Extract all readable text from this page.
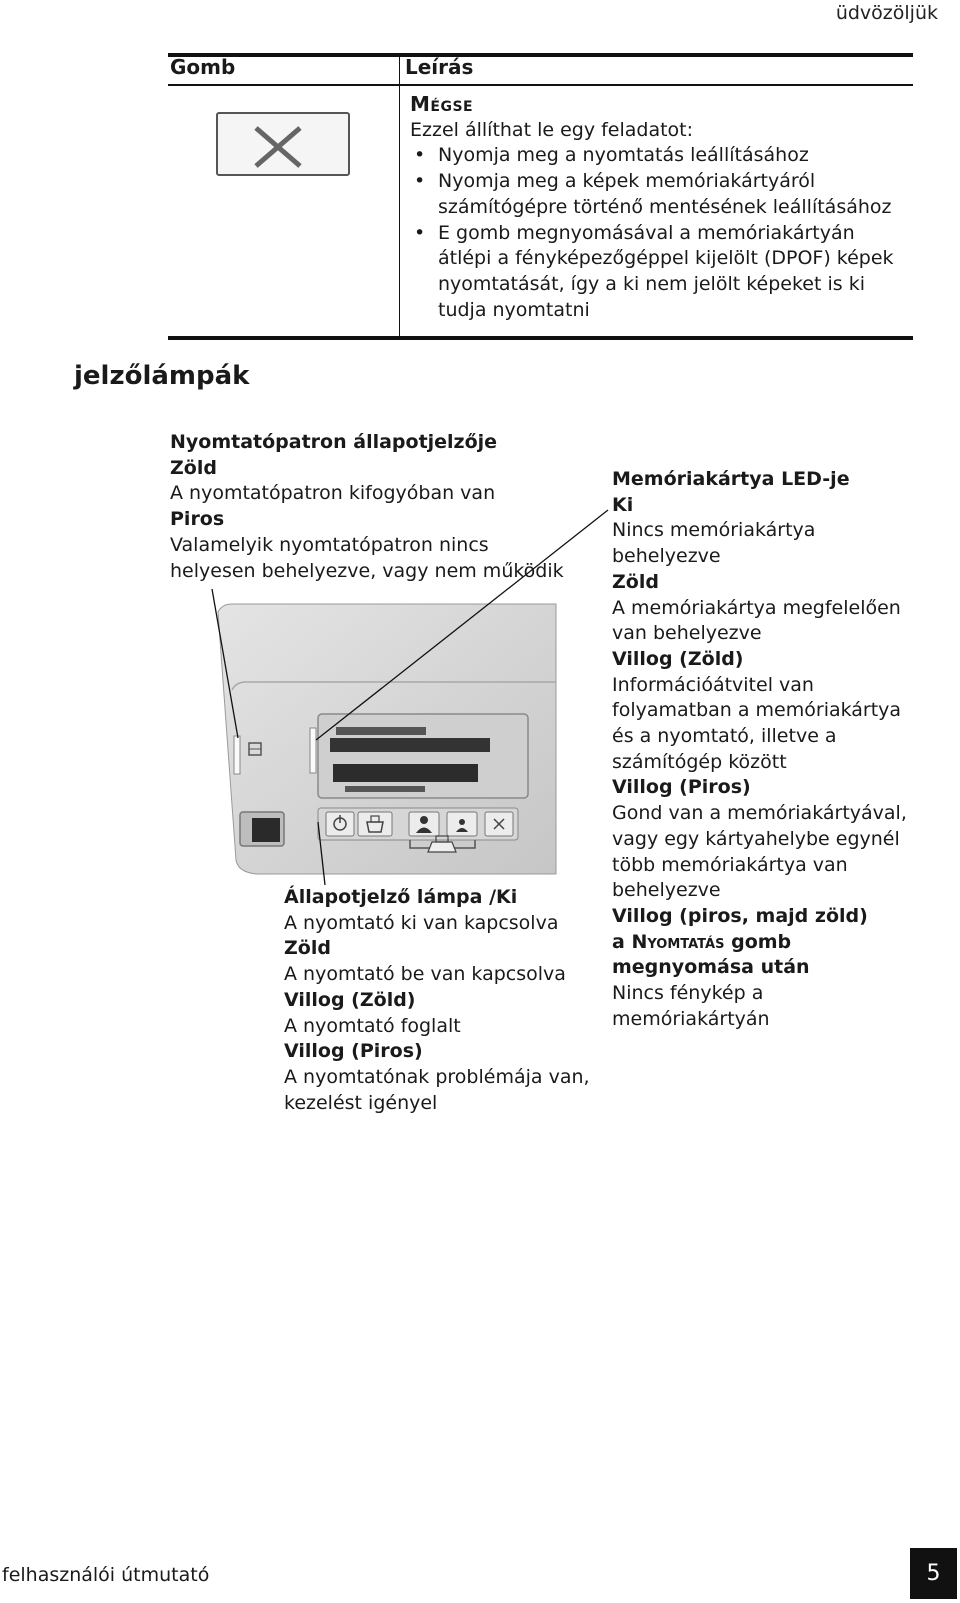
üdvözöljük
Gomb	Leírás
Mégse
Ezzel állíthat le egy feladatot:
• Nyomja meg a nyomtatás leállításához
• Nyomja meg a képek memóriakártyáról számítógépre történő mentésének leállításához
• E gomb megnyomásával a memóriakártyán átlépi a fényképezőgéppel kijelölt (DPOF) képek nyomtatását, így a ki nem jelölt képeket is ki tudja nyomtatni
jelzőlámpák
Nyomtatópatron állapotjelzője
Zöld
A nyomtatópatron kifogyóban van
Piros
Valamelyik nyomtatópatron nincs helyesen behelyezve, vagy nem működik
Memóriakártya LED-je
Ki
Nincs memóriakártya behelyezve
Zöld
A memóriakártya megfelelően van behelyezve
Villog (Zöld)
Információátvitel van folyamatban a memóriakártya és a nyomtató, illetve a számítógép között
Villog (Piros)
Gond van a memóriakártyával, vagy egy kártyahelybe egynél több memóriakártya van behelyezve
Villog (piros, majd zöld)
a Nyomtatás gomb
megnyomása után
Nincs fénykép a memóriakártyán
Állapotjelző lámpa /Ki
A nyomtató ki van kapcsolva
Zöld
A nyomtató be van kapcsolva
Villog (Zöld)
A nyomtató foglalt
Villog (Piros)
A nyomtatónak problémája van, kezelést igényel
felhasználói útmutató	5
